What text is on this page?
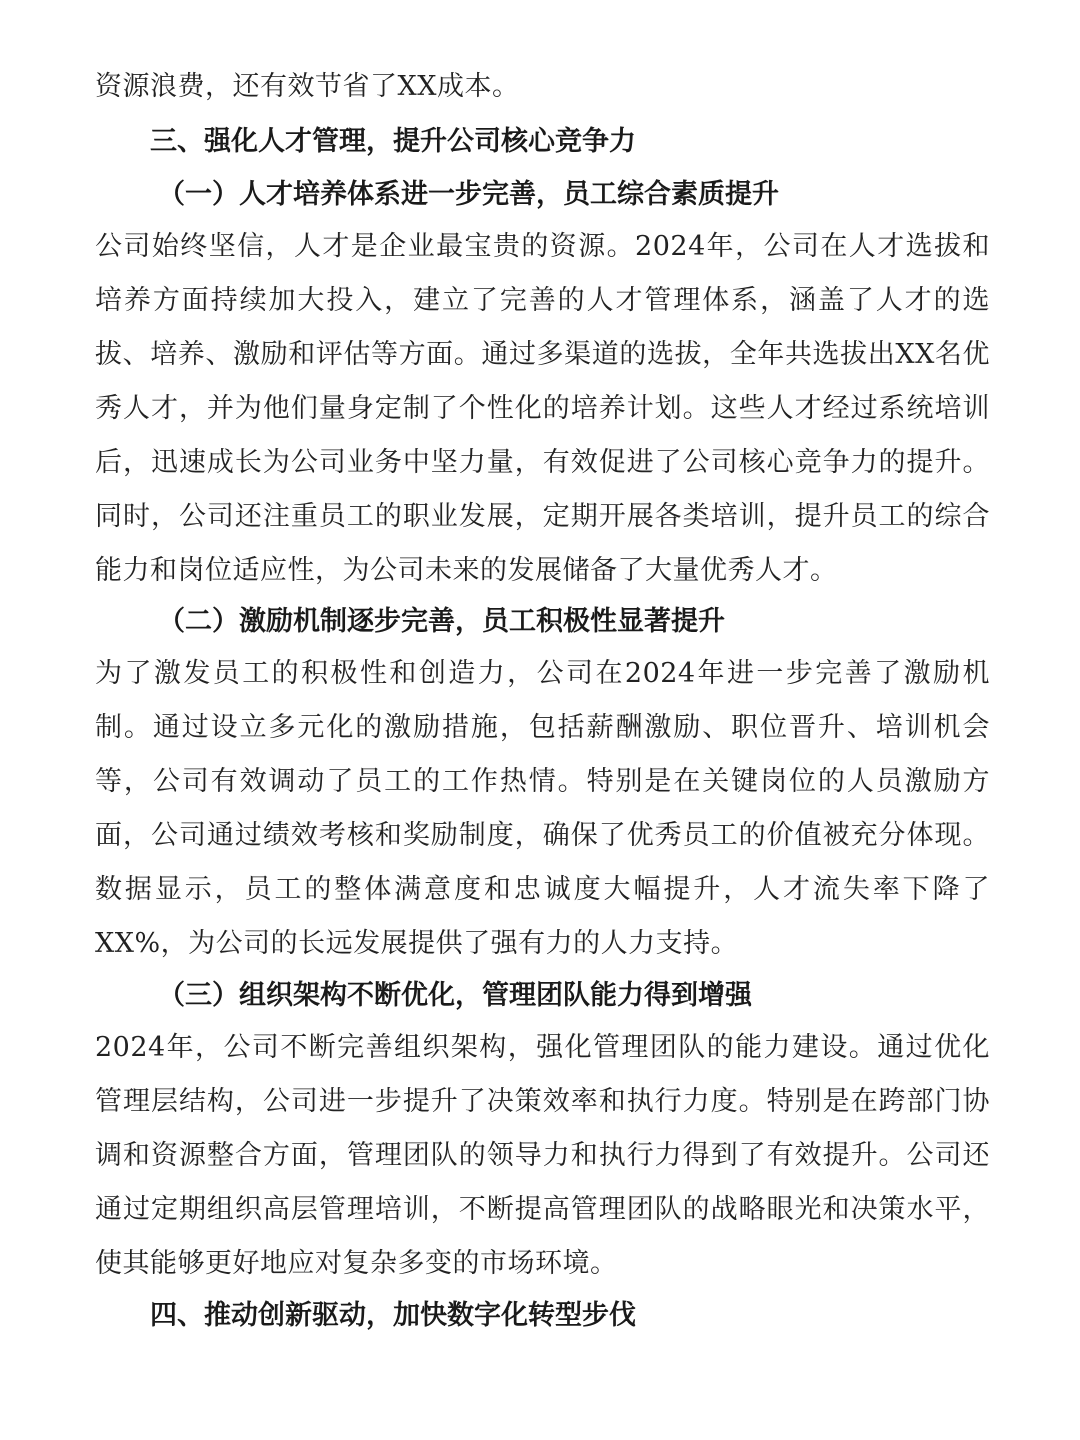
资源浪费，还有效节省了XX成本。

三、强化人才管理，提升公司核心竞争力
（一）人才培养体系进一步完善，员工综合素质提升

公司始终坚信，人才是企业最宝贵的资源。2024年，公司在人才选拔和培养方面持续加大投入，建立了完善的人才管理体系，涵盖了人才的选拔、培养、激励和评估等方面。通过多渠道的选拔，全年共选拔出XX名优秀人才，并为他们量身定制了个性化的培养计划。这些人才经过系统培训后，迅速成长为公司业务中坚力量，有效促进了公司核心竞争力的提升。同时，公司还注重员工的职业发展，定期开展各类培训，提升员工的综合能力和岗位适应性，为公司未来的发展储备了大量优秀人才。

（二）激励机制逐步完善，员工积极性显著提升

为了激发员工的积极性和创造力，公司在2024年进一步完善了激励机制。通过设立多元化的激励措施，包括薪酬激励、职位晋升、培训机会等，公司有效调动了员工的工作热情。特别是在关键岗位的人员激励方面，公司通过绩效考核和奖励制度，确保了优秀员工的价值被充分体现。数据显示，员工的整体满意度和忠诚度大幅提升，人才流失率下降了XX%，为公司的长远发展提供了强有力的人力支持。

（三）组织架构不断优化，管理团队能力得到增强

2024年，公司不断完善组织架构，强化管理团队的能力建设。通过优化管理层结构，公司进一步提升了决策效率和执行力度。特别是在跨部门协调和资源整合方面，管理团队的领导力和执行力得到了有效提升。公司还通过定期组织高层管理培训，不断提高管理团队的战略眼光和决策水平，使其能够更好地应对复杂多变的市场环境。

四、推动创新驱动，加快数字化转型步伐
